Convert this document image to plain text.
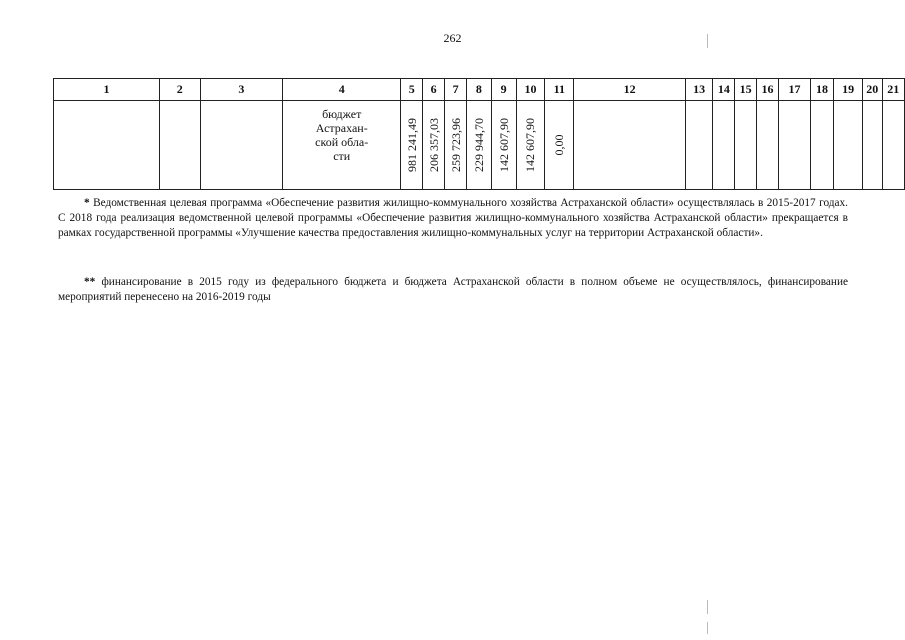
262
1	2	3	4	5	6	7	8	9	10	11	12	13	14	15	16	17	18	19	20	21
			бюджет Астрахан-ской обла-сти	981 241,49	206 357,03	259 723,96	229 944,70	142 607,90	142 607,90	0,00										

* Ведомственная целевая программа «Обеспечение развития жилищно-коммунального хозяйства Астраханской области» осуществлялась в 2015-2017 годах. С 2018 года реализация ведомственной целевой программы «Обеспечение развития жилищно-коммунального хозяйства Астраханской области» прекращается в рамках государственной программы «Улучшение качества предоставления жилищно-коммунальных услуг на территории Астраханской области».
** финансирование в 2015 году из федерального бюджета и бюджета Астраханской области в полном объеме не осуществлялось, финансирование мероприятий перенесено на 2016-2019 годы
